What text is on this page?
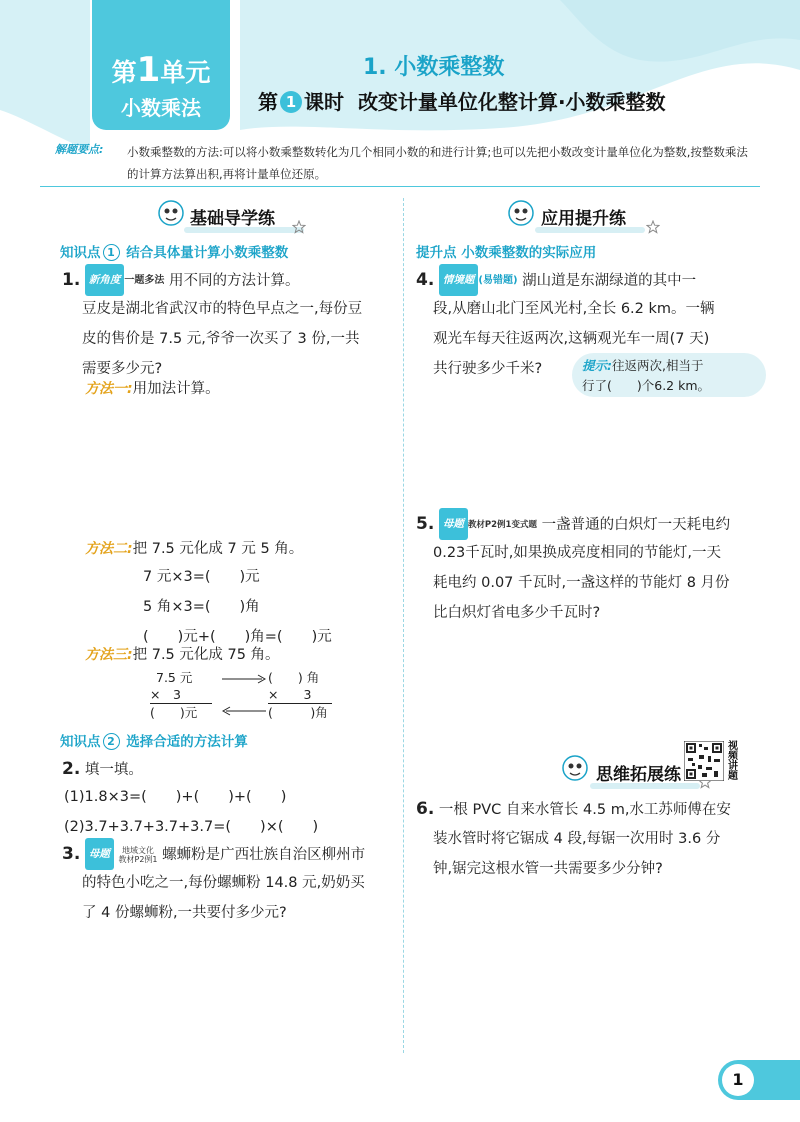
第1单元
小数乘法
1. 小数乘整数
第 1 课时 改变计量单位化整计算·小数乘整数
解题要点: 小数乘整数的方法:可以将小数乘整数转化为几个相同小数的和进行计算;也可以先把小数改变计量单位化为整数,按整数乘法的计算方法算出积,再将计量单位还原。
基础导学练
知识点 1 结合具体量计算小数乘整数
1. 新角度 一题多法 用不同的方法计算。
豆皮是湖北省武汉市的特色早点之一,每份豆
皮的售价是 7.5 元,爷爷一次买了 3 份,一共
需要多少元?
方法一:用加法计算。
方法二:把 7.5 元化成 7 元 5 角。
7 元×3=(　　)元
5 角×3=(　　)角
(　　)元+(　　)角=(　　)元
方法三:把 7.5 元化成 75 角。
7.5 元
×　3
(　　)元
(　　) 角
×　　3
(　　　)角
知识点 2 选择合适的方法计算
2. 填一填。
(1)1.8×3=(　　)+(　　)+(　　)
(2)3.7+3.7+3.7+3.7=(　　)×(　　)
3. 母题 地域文化
教材P2例1 螺蛳粉是广西壮族自治区柳州市
的特色小吃之一,每份螺蛳粉 14.8 元,奶奶买
了 4 份螺蛳粉,一共要付多少元?
应用提升练
提升点 小数乘整数的实际应用
4. 情境题 (易错题) 湖山道是东湖绿道的其中一
段,从磨山北门至风光村,全长 6.2 km。一辆
观光车每天往返两次,这辆观光车一周(7 天)
共行驶多少千米?	提示:往返两次,相当于
行了(　　)个6.2 km。
5. 母题 教材P2例1变式题 一盏普通的白炽灯一天耗电约
0.23千瓦时,如果换成亮度相同的节能灯,一天
耗电约 0.07 千瓦时,一盏这样的节能灯 8 月份
比白炽灯省电多少千瓦时?
思维拓展练
视频讲题
6. 一根 PVC 自来水管长 4.5 m,水工苏师傅在安
装水管时将它锯成 4 段,每锯一次用时 3.6 分
钟,锯完这根水管一共需要多少分钟?
1
